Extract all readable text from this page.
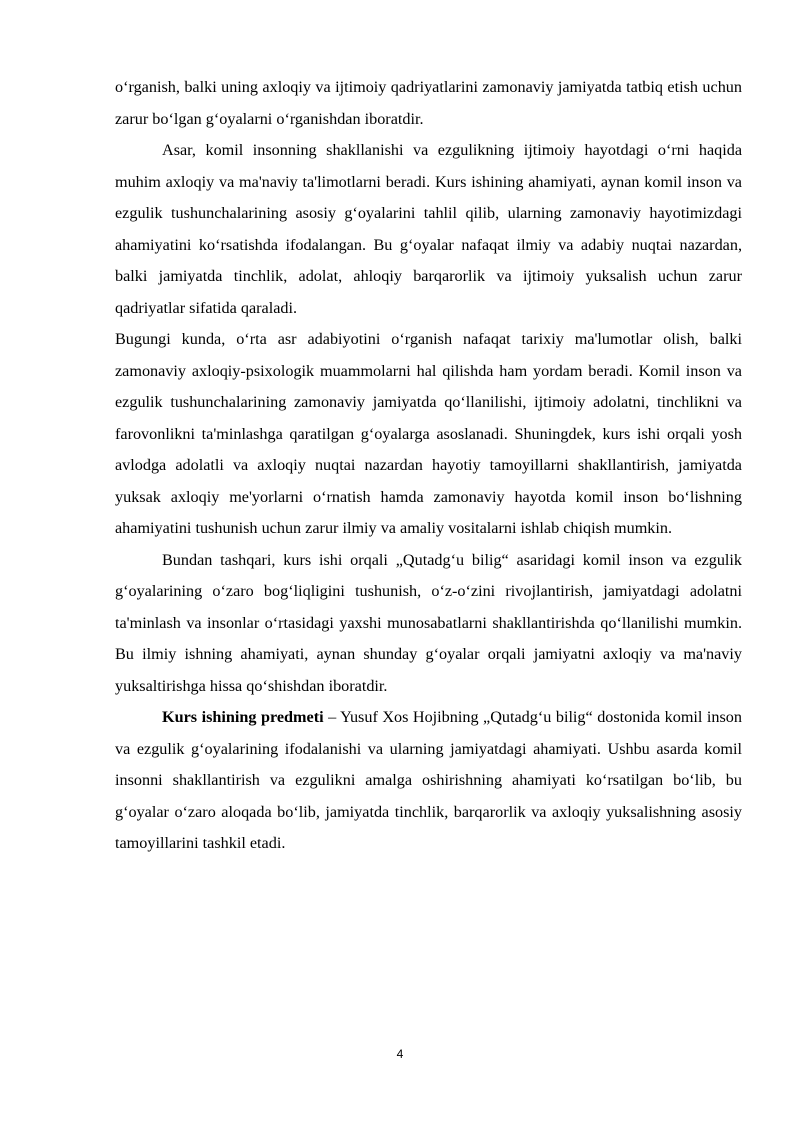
o‘rganish, balki uning axloqiy va ijtimoiy qadriyatlarini zamonaviy jamiyatda tatbiq etish uchun zarur bo‘lgan g‘oyalarni o‘rganishdan iboratdir.

Asar, komil insonning shakllanishi va ezgulikning ijtimoiy hayotdagi o‘rni haqida muhim axloqiy va ma'naviy ta'limotlarni beradi. Kurs ishining ahamiyati, aynan komil inson va ezgulik tushunchalarining asosiy g‘oyalarini tahlil qilib, ularning zamonaviy hayotimizdagi ahamiyatini ko‘rsatishda ifodalangan. Bu g‘oyalar nafaqat ilmiy va adabiy nuqtai nazardan, balki jamiyatda tinchlik, adolat, ahloqiy barqarorlik va ijtimoiy yuksalish uchun zarur qadriyatlar sifatida qaraladi.

Bugungi kunda, o‘rta asr adabiyotini o‘rganish nafaqat tarixiy ma'lumotlar olish, balki zamonaviy axloqiy-psixologik muammolarni hal qilishda ham yordam beradi. Komil inson va ezgulik tushunchalarining zamonaviy jamiyatda qo‘llanilishi, ijtimoiy adolatni, tinchlikni va farovonlikni ta'minlashga qaratilgan g‘oyalarga asoslanadi. Shuningdek, kurs ishi orqali yosh avlodga adolatli va axloqiy nuqtai nazardan hayotiy tamoyillarni shakllantirish, jamiyatda yuksak axloqiy me'yorlarni o‘rnatish hamda zamonaviy hayotda komil inson bo‘lishning ahamiyatini tushunish uchun zarur ilmiy va amaliy vositalarni ishlab chiqish mumkin.

Bundan tashqari, kurs ishi orqali „Qutadg‘u bilig“ asaridagi komil inson va ezgulik g‘oyalarining o‘zaro bog‘liqligini tushunish, o‘z-o‘zini rivojlantirish, jamiyatdagi adolatni ta'minlash va insonlar o‘rtasidagi yaxshi munosabatlarni shakllantirishda qo‘llanilishi mumkin. Bu ilmiy ishning ahamiyati, aynan shunday g‘oyalar orqali jamiyatni axloqiy va ma'naviy yuksaltirishga hissa qo‘shishdan iboratdir.

Kurs ishining predmeti – Yusuf Xos Hojibning „Qutadg‘u bilig“ dostonida komil inson va ezgulik g‘oyalarining ifodalanishi va ularning jamiyatdagi ahamiyati. Ushbu asarda komil insonni shakllantirish va ezgulikni amalga oshirishning ahamiyati ko‘rsatilgan bo‘lib, bu g‘oyalar o‘zaro aloqada bo‘lib, jamiyatda tinchlik, barqarorlik va axloqiy yuksalishning asosiy tamoyillarini tashkil etadi.

4
